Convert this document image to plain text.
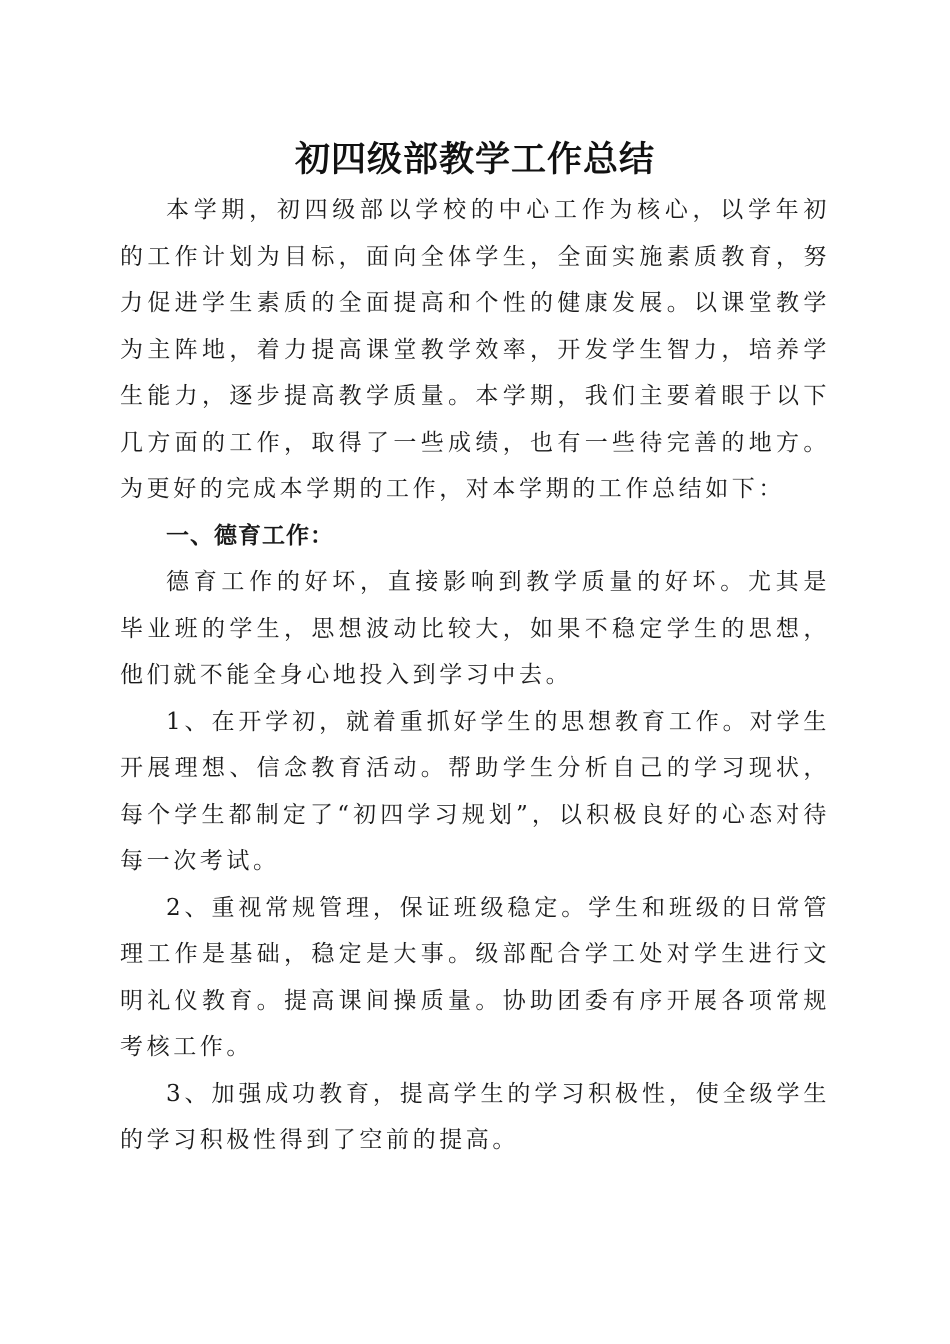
初四级部教学工作总结

本学期，初四级部以学校的中心工作为核心，以学年初的工作计划为目标，面向全体学生，全面实施素质教育，努力促进学生素质的全面提高和个性的健康发展。以课堂教学为主阵地，着力提高课堂教学效率，开发学生智力，培养学生能力，逐步提高教学质量。本学期，我们主要着眼于以下几方面的工作，取得了一些成绩，也有一些待完善的地方。为更好的完成本学期的工作，对本学期的工作总结如下：

一、德育工作：

德育工作的好坏，直接影响到教学质量的好坏。尤其是毕业班的学生，思想波动比较大，如果不稳定学生的思想，他们就不能全身心地投入到学习中去。

1、在开学初，就着重抓好学生的思想教育工作。对学生开展理想、信念教育活动。帮助学生分析自己的学习现状，每个学生都制定了“初四学习规划”，以积极良好的心态对待每一次考试。

2、重视常规管理，保证班级稳定。学生和班级的日常管理工作是基础，稳定是大事。级部配合学工处对学生进行文明礼仪教育。提高课间操质量。协助团委有序开展各项常规考核工作。

3、加强成功教育，提高学生的学习积极性，使全级学生的学习积极性得到了空前的提高。
